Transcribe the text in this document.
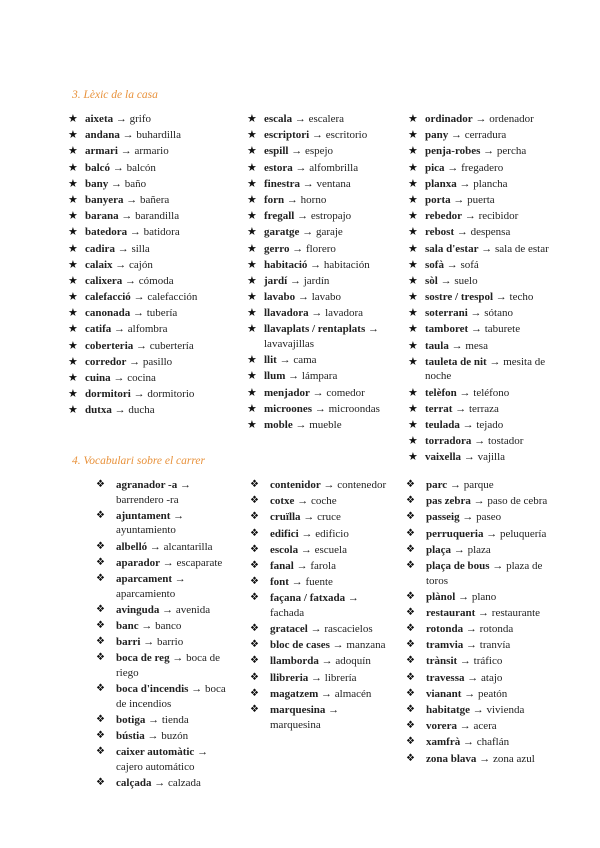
3. Lèxic de la casa
★ aixeta → grifo
★ andana → buhardilla
★ armari → armario
★ balcó → balcón
★ bany → baño
★ banyera → bañera
★ barana → barandilla
★ batedora → batidora
★ cadira → silla
★ calaix → cajón
★ calixera → cómoda
★ calefacció → calefacción
★ canonada → tubería
★ catifa → alfombra
★ coberteria → cubertería
★ corredor → pasillo
★ cuina → cocina
★ dormitori → dormitorio
★ dutxa → ducha
★ escala → escalera
★ escriptori → escritorio
★ espill → espejo
★ estora → alfombrilla
★ finestra → ventana
★ forn → horno
★ fregall → estropajo
★ garatge → garaje
★ gerro → florero
★ habitació → habitación
★ jardí → jardín
★ lavabo → lavabo
★ llavadora → lavadora
★ llavaplats / rentaplats → lavavajillas
★ llit → cama
★ llum → lámpara
★ menjador → comedor
★ microones → microondas
★ moble → mueble
★ ordinador → ordenador
★ pany → cerradura
★ penja-robes → percha
★ pica → fregadero
★ planxa → plancha
★ porta → puerta
★ rebedor → recibidor
★ rebost → despensa
★ sala d'estar → sala de estar
★ sofà → sofá
★ sòl → suelo
★ sostre / trespol → techo
★ soterrani → sótano
★ tamboret → taburete
★ taula → mesa
★ tauleta de nit → mesita de noche
★ telèfon → teléfono
★ terrat → terraza
★ teulada → tejado
★ torradora → tostador
★ vaixella → vajilla
4. Vocabulari sobre el carrer
❖ agranador -a → barrendero -ra
❖ ajuntament → ayuntamiento
❖ albelló → alcantarilla
❖ aparador → escaparate
❖ aparcament → aparcamiento
❖ avinguda → avenida
❖ banc → banco
❖ barri → barrio
❖ boca de reg → boca de riego
❖ boca d'incendis → boca de incendios
❖ botiga → tienda
❖ bústia → buzón
❖ caixer automàtic → cajero automático
❖ calçada → calzada
❖ contenidor → contenedor
❖ cotxe → coche
❖ cruïlla → cruce
❖ edifici → edificio
❖ escola → escuela
❖ fanal → farola
❖ font → fuente
❖ façana / fatxada → fachada
❖ gratacel → rascacielos
❖ bloc de cases → manzana
❖ llamborda → adoquín
❖ llibreria → librería
❖ magatzem → almacén
❖ marquesina → marquesina
❖ parc → parque
❖ pas zebra → paso de cebra
❖ passeig → paseo
❖ perruqueria → peluquería
❖ plaça → plaza
❖ plaça de bous → plaza de toros
❖ plànol → plano
❖ restaurant → restaurante
❖ rotonda → rotonda
❖ tramvia → tranvía
❖ trànsit → tráfico
❖ travessa → atajo
❖ vianant → peatón
❖ habitatge → vivienda
❖ vorera → acera
❖ xamfrà → chaflán
❖ zona blava → zona azul
